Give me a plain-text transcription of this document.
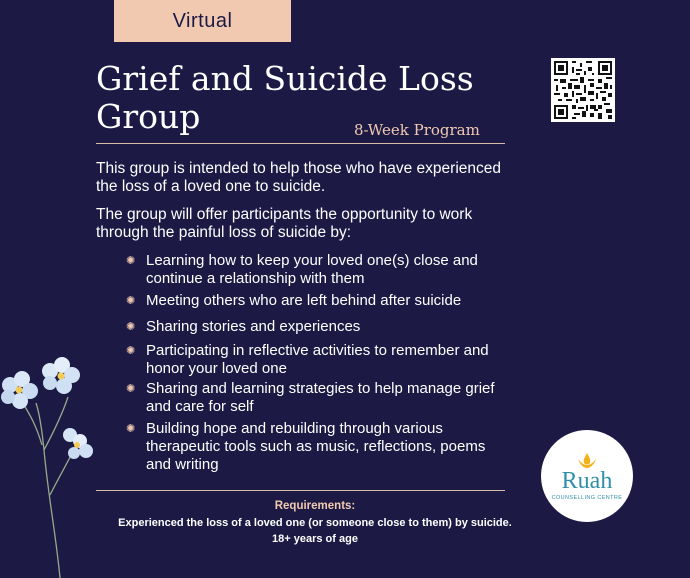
Virtual
Grief and Suicide Loss Group	8-Week Program

This group is intended to help those who have experienced the loss of a loved one to suicide.

The group will offer participants the opportunity to work through the painful loss of suicide by:

✺ Learning how to keep your loved one(s) close and continue a relationship with them
✺ Meeting others who are left behind after suicide
✺ Sharing stories and experiences
✺ Participating in reflective activities to remember and honor your loved one
✺ Sharing and learning strategies to help manage grief and care for self
✺ Building hope and rebuilding through various therapeutic tools such as music, reflections, poems and writing
Requirements:
Experienced the loss of a loved one (or someone close to them) by suicide.
18+ years of age
Ruah
COUNSELLING CENTRE
